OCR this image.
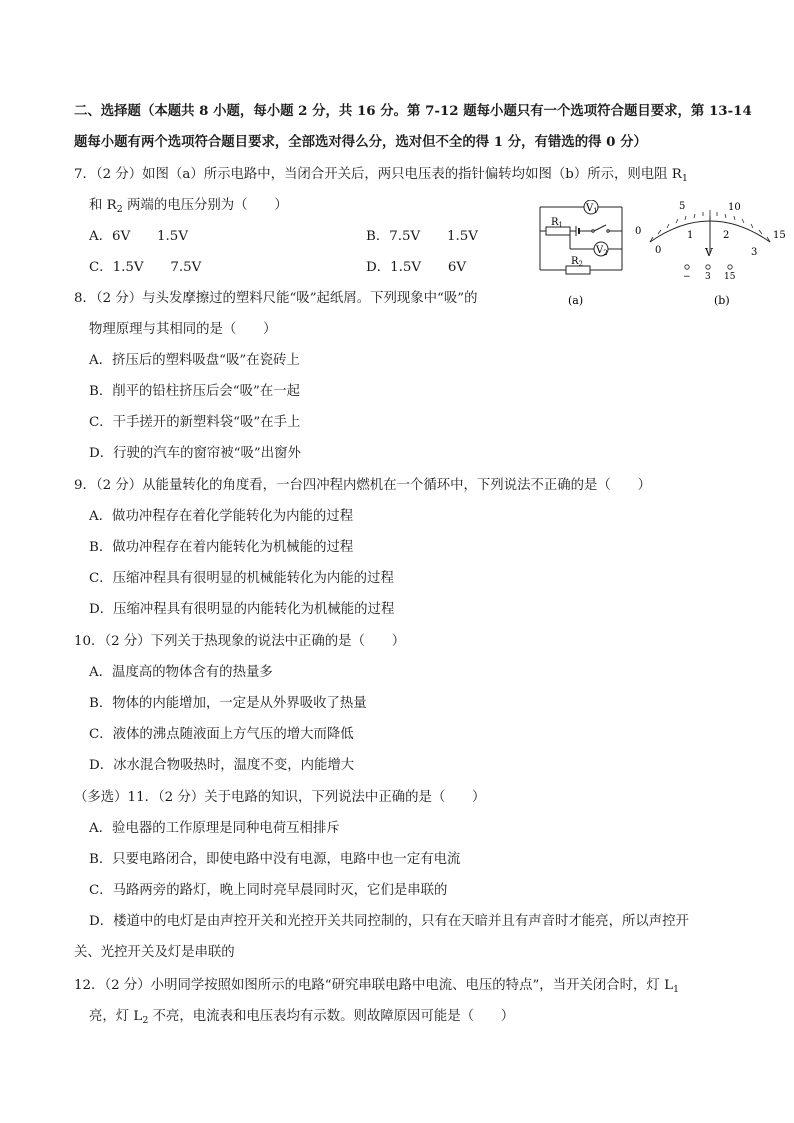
二、选择题（本题共 8 小题，每小题 2 分，共 16 分。第 7-12 题每小题只有一个选项符合题目要求，第 13-14
题每小题有两个选项符合题目要求，全部选对得么分，选对但不全的得 1 分，有错选的得 0 分）
7．（2 分）如图（a）所示电路中，当闭合开关后，两只电压表的指针偏转均如图（b）所示，则电阻 $R_1$
和 $R_2$ 两端的电压分别为（　　）
A．6V　　1.5V	B．7.5V　　1.5V
C．1.5V　　7.5V	D．1.5V　　6V
$V_1$
$V_2$
$R_1$
$R_2$
(a)
0
5	10
15
0
1	2
3
V
− 3 15
(b)
8．（2 分）与头发摩擦过的塑料尺能“吸”起纸屑。下列现象中“吸”的
物理原理与其相同的是（　　）
A．挤压后的塑料吸盘“吸”在瓷砖上
B．削平的铅柱挤压后会“吸”在一起
C．干手搓开的新塑料袋“吸”在手上
D．行驶的汽车的窗帘被“吸”出窗外
9．（2 分）从能量转化的角度看，一台四冲程内燃机在一个循环中，下列说法不正确的是（　　）
A．做功冲程存在着化学能转化为内能的过程
B．做功冲程存在着内能转化为机械能的过程
C．压缩冲程具有很明显的机械能转化为内能的过程
D．压缩冲程具有很明显的内能转化为机械能的过程
10．（2 分）下列关于热现象的说法中正确的是（　　）
A．温度高的物体含有的热量多
B．物体的内能增加，一定是从外界吸收了热量
C．液体的沸点随液面上方气压的增大而降低
D．冰水混合物吸热时，温度不变，内能增大
（多选）11．（2 分）关于电路的知识，下列说法中正确的是（　　）
A．验电器的工作原理是同种电荷互相排斥
B．只要电路闭合，即使电路中没有电源，电路中也一定有电流
C．马路两旁的路灯，晚上同时亮早晨同时灭，它们是串联的
D．楼道中的电灯是由声控开关和光控开关共同控制的，只有在天暗并且有声音时才能亮，所以声控开
关、光控开关及灯是串联的
12．（2 分）小明同学按照如图所示的电路“研究串联电路中电流、电压的特点”，当开关闭合时，灯 $L_1$
亮，灯 $L_2$ 不亮，电流表和电压表均有示数。则故障原因可能是（　　）
